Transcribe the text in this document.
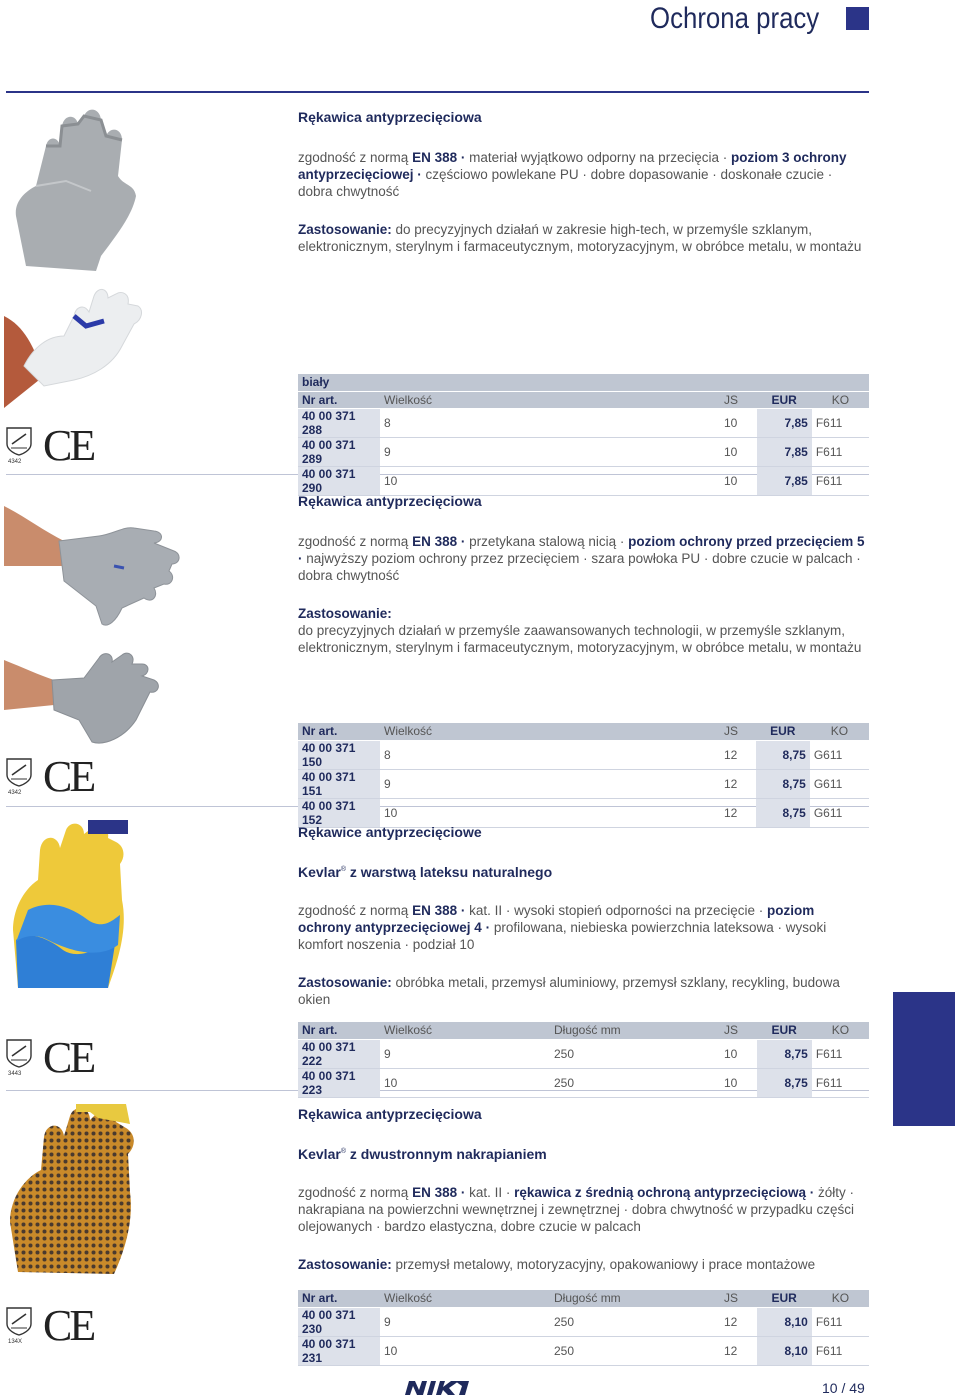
Ochrona pracy
Rękawica antyprzecięciowa
zgodność z normą EN 388 · materiał wyjątkowo odporny na przecięcia · poziom 3 ochrony antyprzecięciowej · częściowo powlekane PU · dobre dopasowanie · doskonałe czucie · dobra chwytność
Zastosowanie: do precyzyjnych działań w zakresie high-tech, w przemyśle szklanym, elektronicznym, sterylnym i farmaceutycznym, motoryzacyjnym, w obróbce metalu, w montażu
4342 CE
biały				
Nr art.	Wielkość	JS	EUR	KO
40 00 371 288	8	10	7,85	F611
40 00 371 289	9	10	7,85	F611
40 00 371 290	10	10	7,85	F611
Rękawica antyprzecięciowa
zgodność z normą EN 388 · przetykana stalową nicią · poziom ochrony przed przecięciem 5 · najwyższy poziom ochrony przez przecięciem · szara powłoka PU · dobre czucie w palcach · dobra chwytność
Zastosowanie:
do precyzyjnych działań w przemyśle zaawansowanych technologii, w przemyśle szklanym, elektronicznym, sterylnym i farmaceutycznym, motoryzacyjnym, w obróbce metalu, w montażu
4342 CE
Nr art.	Wielkość	JS	EUR	KO
40 00 371 150	8	12	8,75	G611
40 00 371 151	9	12	8,75	G611
40 00 371 152	10	12	8,75	G611
Rękawice antyprzecięciowe
Kevlar® z warstwą lateksu naturalnego
zgodność z normą EN 388 · kat. II · wysoki stopień odporności na przecięcie · poziom ochrony antyprzecięciowej 4 · profilowana, niebieska powierzchnia lateksowa · wysoki komfort noszenia · podział 10
Zastosowanie: obróbka metali, przemysł aluminiowy, przemysł szklany, recykling, budowa okien
3443 CE
Nr art.	Wielkość	Długość mm	JS	EUR	KO
40 00 371 222	9	250	10	8,75	F611
40 00 371 223	10	250	10	8,75	F611
Rękawica antyprzecięciowa
Kevlar® z dwustronnym nakrapianiem
zgodność z normą EN 388 · kat. II · rękawica z średnią ochroną antyprzecięciową · żółty · nakrapiana na powierzchni wewnętrznej i zewnętrznej · dobra chwytność w przypadku części olejowanych · bardzo elastyczna, dobre czucie w palcach
Zastosowanie: przemysł metalowy, motoryzacyjny, opakowaniowy i prace montażowe
134X CE
Nr art.	Wielkość	Długość mm	JS	EUR	KO
40 00 371 230	9	250	12	8,10	F611
40 00 371 231	10	250	12	8,10	F611
10 / 49
